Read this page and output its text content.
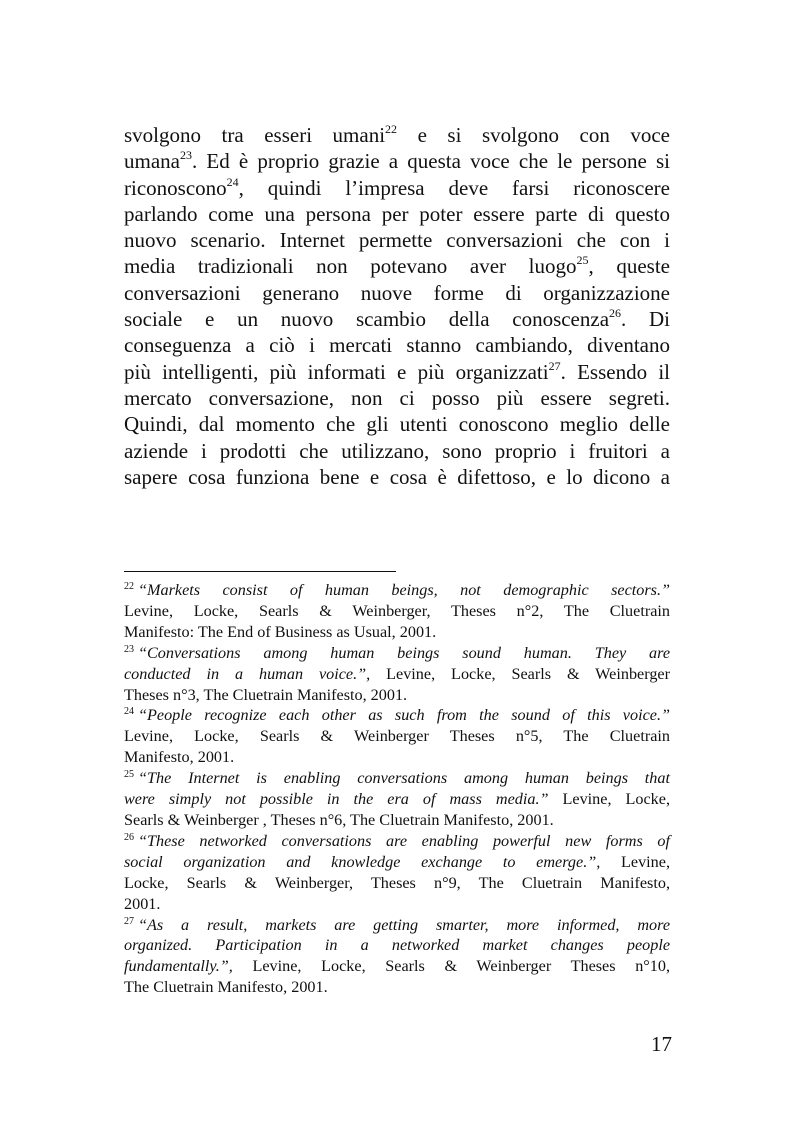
svolgono tra esseri umani$^{22}$ e si svolgono con voce
umana$^{23}$. Ed è proprio grazie a questa voce che le persone si
riconoscono$^{24}$, quindi l’impresa deve farsi riconoscere
parlando come una persona per poter essere parte di questo
nuovo scenario. Internet permette conversazioni che con i
media tradizionali non potevano aver luogo$^{25}$, queste
conversazioni generano nuove forme di organizzazione
sociale e un nuovo scambio della conoscenza$^{26}$. Di
conseguenza a ciò i mercati stanno cambiando, diventano
più intelligenti, più informati e più organizzati$^{27}$. Essendo il
mercato conversazione, non ci posso più essere segreti.
Quindi, dal momento che gli utenti conoscono meglio delle
aziende i prodotti che utilizzano, sono proprio i fruitori a
sapere cosa funziona bene e cosa è difettoso, e lo dicono a
$^{22}$ “Markets consist of human beings, not demographic sectors.”
Levine, Locke, Searls & Weinberger, Theses n°2, The Cluetrain
Manifesto: The End of Business as Usual, 2001.
$^{23}$ “Conversations among human beings sound human. They are
conducted in a human voice.”, Levine, Locke, Searls & Weinberger
Theses n°3, The Cluetrain Manifesto, 2001.
$^{24}$ “People recognize each other as such from the sound of this voice.”
Levine, Locke, Searls & Weinberger Theses n°5, The Cluetrain
Manifesto, 2001.
$^{25}$ “The Internet is enabling conversations among human beings that
were simply not possible in the era of mass media.” Levine, Locke,
Searls & Weinberger , Theses n°6, The Cluetrain Manifesto, 2001.
$^{26}$ “These networked conversations are enabling powerful new forms of
social organization and knowledge exchange to emerge.”, Levine,
Locke, Searls & Weinberger, Theses n°9, The Cluetrain Manifesto,
2001.
$^{27}$ “As a result, markets are getting smarter, more informed, more
organized. Participation in a networked market changes people
fundamentally.”, Levine, Locke, Searls & Weinberger Theses n°10,
The Cluetrain Manifesto, 2001.
17
